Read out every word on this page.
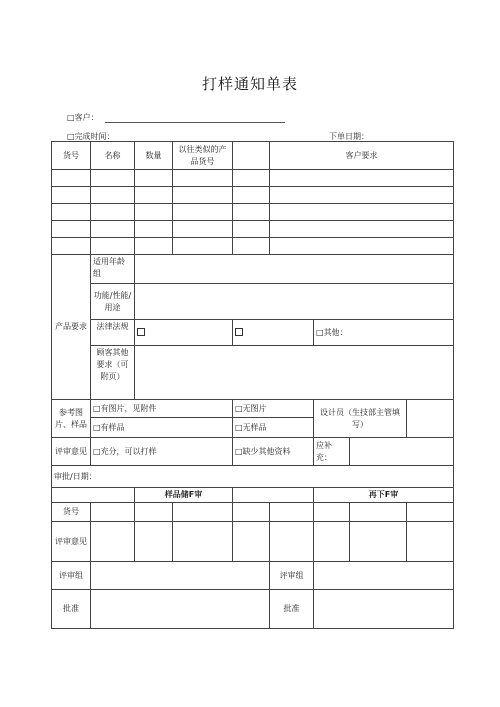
打样通知单表
□客户：
□完成时间：	下单日期：
货号	名称	数量	以往类似的产品货号		客户要求			

产品要求	适用年龄组							
	功能/性能/用途							
	法律法规					□其他：		
	顾客其他要求（可附页）							
参考图片、样品	□有图片，见附件			□无图片		设计员（生技部主管填写）		
	□有样品			□无样品				
评审意见	□充分，可以打样			□缺少其他资料		应补充：		
审批/日期：								
		样品储F审				再下F审		
货号								
评审意见								
评审组					评审组			
批准					批准			
